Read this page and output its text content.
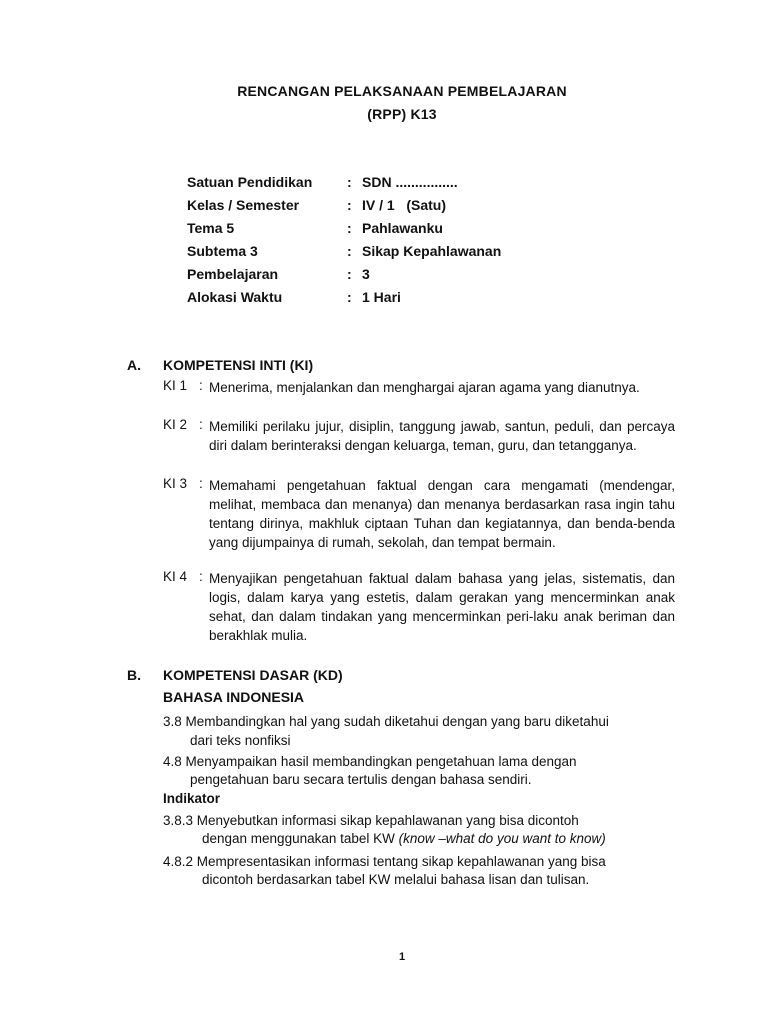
RENCANGAN PELAKSANAAN PEMBELAJARAN
(RPP) K13
Satuan Pendidikan : SDN ................
Kelas / Semester	: IV / 1   (Satu)
Tema 5	: Pahlawanku
Subtema 3	: Sikap Kepahlawanan
Pembelajaran	: 3
Alokasi Waktu	: 1 Hari
A. KOMPETENSI INTI (KI)
KI 1 : Menerima, menjalankan dan menghargai ajaran agama yang dianutnya.
KI 2 : Memiliki perilaku jujur, disiplin, tanggung jawab, santun, peduli, dan percaya diri dalam berinteraksi dengan keluarga, teman, guru, dan tetangganya.
KI 3 : Memahami pengetahuan faktual dengan cara mengamati (mendengar, melihat, membaca dan menanya) dan menanya berdasarkan rasa ingin tahu tentang dirinya, makhluk ciptaan Tuhan dan kegiatannya, dan benda-benda yang dijumpainya di rumah, sekolah, dan tempat bermain.
KI 4 : Menyajikan pengetahuan faktual dalam bahasa yang jelas, sistematis, dan logis, dalam karya yang estetis, dalam gerakan yang mencerminkan anak sehat, dan dalam tindakan yang mencerminkan peri-laku anak beriman dan berakhlak mulia.
B. KOMPETENSI DASAR (KD)
BAHASA INDONESIA
3.8 Membandingkan hal yang sudah diketahui dengan yang baru diketahui
dari teks nonfiksi
4.8 Menyampaikan hasil membandingkan pengetahuan lama dengan
pengetahuan baru secara tertulis dengan bahasa sendiri.
Indikator
3.8.3 Menyebutkan informasi sikap kepahlawanan yang bisa dicontoh
dengan menggunakan tabel KW (know –what do you want to know)
4.8.2 Mempresentasikan informasi tentang sikap kepahlawanan yang bisa
dicontoh berdasarkan tabel KW melalui bahasa lisan dan tulisan.
1
